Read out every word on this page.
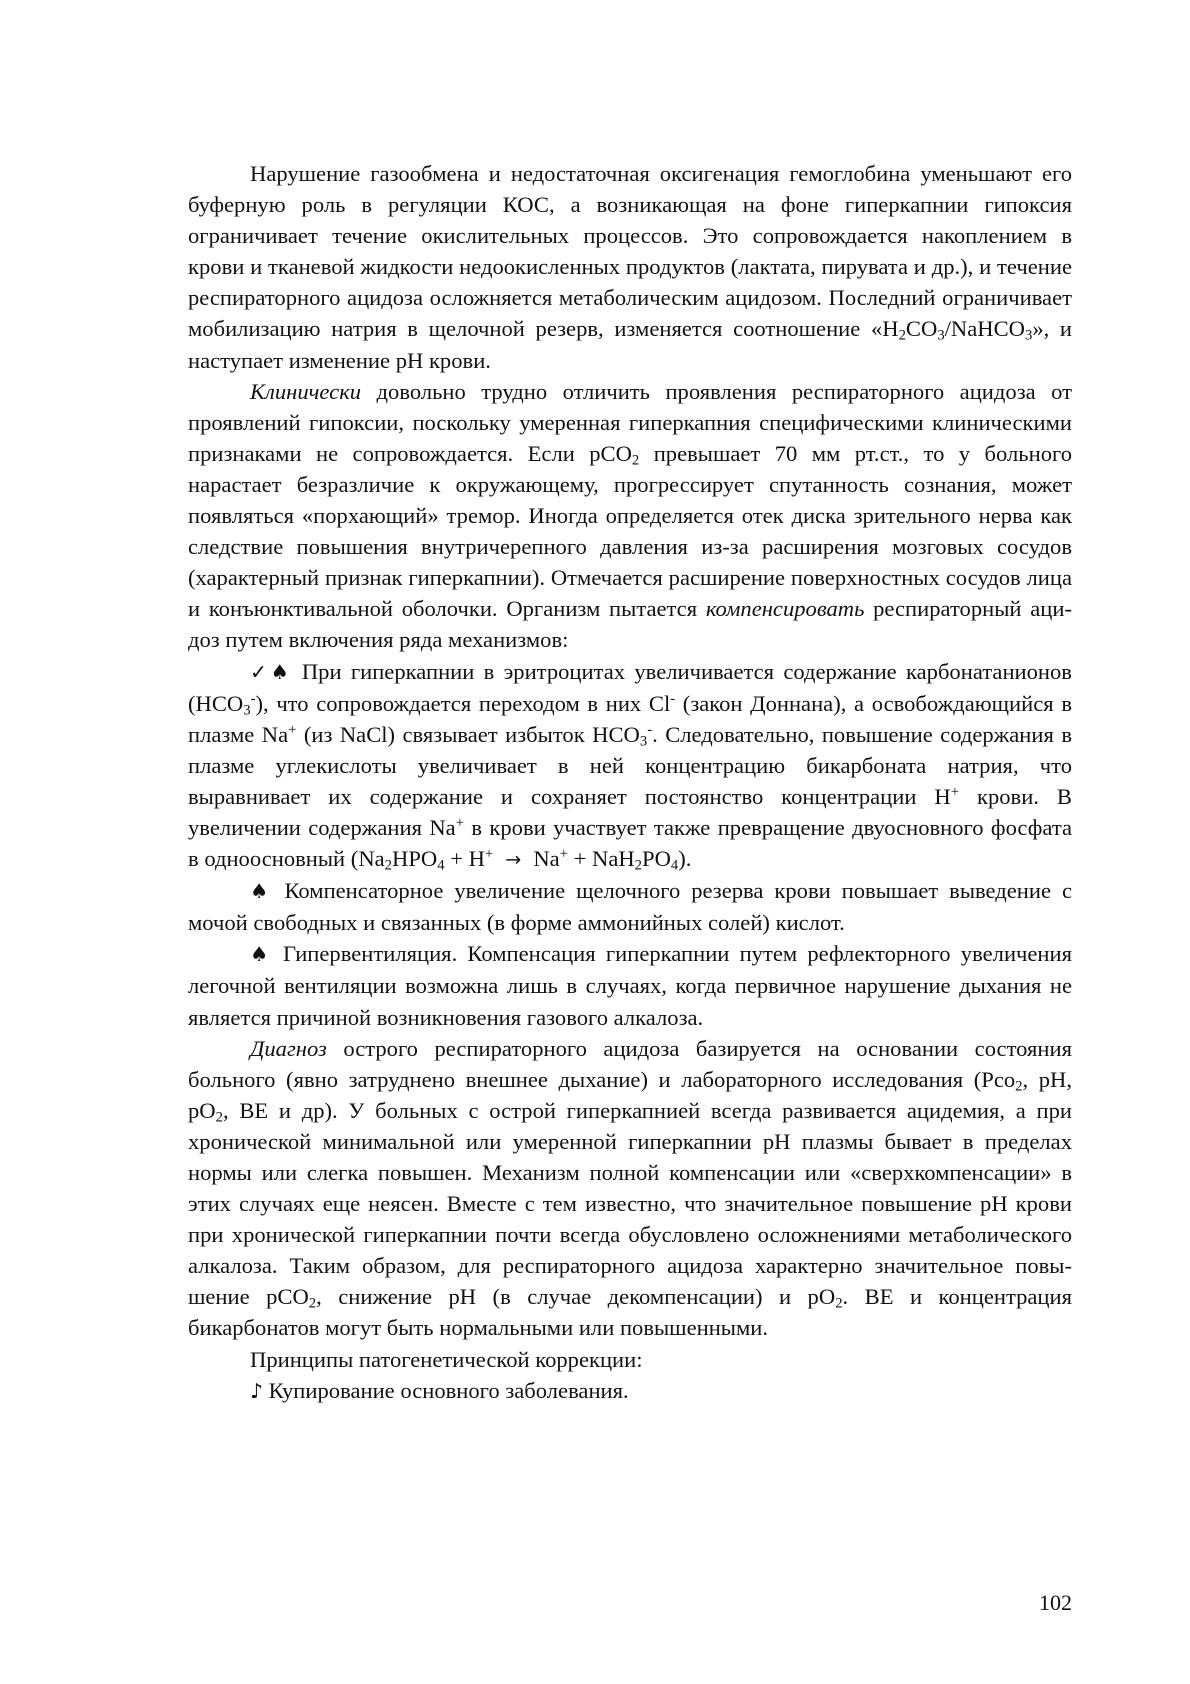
Нарушение газообмена и недостаточная оксигенация гемоглобина уменьшают его буферную роль в регуляции КОС, а возникающая на фоне гиперкапнии гипоксия ограничивает течение окислительных процессов. Это сопровождается накоплением в крови и тканевой жидкости недоокисленных продуктов (лактата, пирувата и др.), и течение респираторного ацидоза осложняется метаболическим ацидозом. Последний ограничивает мобилизацию натрия в щелочной резерв, изменяется соотношение «$H_2CO_3/NaHCO_3$», и наступает изменение pH крови.

Клинически довольно трудно отличить проявления респираторного ацидоза от проявлений гипоксии, поскольку умеренная гиперкапния специфическими клиническими признаками не сопровождается. Если pCO$_2$ превышает 70 мм рт.ст., то у больного нарастает безразличие к окружающему, прогрессирует спутанность сознания, может появляться «порхающий» тремор. Иногда определяется отек диска зрительного нерва как следствие повышения внутричерепного давления из-за расширения мозговых сосудов (характерный признак гиперкапнии). Отмечается расширение поверхностных сосудов лица и конъюнктивальной оболочки. Организм пытается компенсировать респираторный ацидоз путем включения ряда механизмов:

✓♠ При гиперкапнии в эритроцитах увеличивается содержание карбонатанионов $(HCO_3^-)$, что сопровождается переходом в них Cl- (закон Доннана), а освобождающийся в плазме Na+ (из NaCl) связывает избыток $HCO_3^-$. Следовательно, повышение содержания в плазме углекислоты увеличивает в ней концентрацию бикарбоната натрия, что выравнивает их содержание и сохраняет постоянство концентрации H+ крови. В увеличении содержания Na+ в крови участвует также превращение двуосновного фосфата в одноосновный $(Na_2HPO_4 + H^+ \to Na^+ + NaH_2PO_4)$.

♠ Компенсаторное увеличение щелочного резерва крови повышает выведение с мочой свободных и связанных (в форме аммонийных солей) кислот.

♠ Гипервентиляция. Компенсация гиперкапнии путем рефлекторного увеличения легочной вентиляции возможна лишь в случаях, когда первичное нарушение дыхания не является причиной возникновения газового алкалоза.

Диагноз острого респираторного ацидоза базируется на основании состояния больного (явно затруднено внешнее дыхание) и лабораторного исследования (Pco$_2$, pH, $pO_2$, BE и др). У больных с острой гиперкапнией всегда развивается ацидемия, а при хронической минимальной или умеренной гиперкапнии pH плазмы бывает в пределах нормы или слегка повышен. Механизм полной компенсации или «сверхкомпенсации» в этих случаях еще неясен. Вместе с тем известно, что значительное повышение pH крови при хронической гиперкапнии почти всегда обусловлено осложнениями метаболического алкалоза. Таким образом, для респираторного ацидоза характерно значительное повышение pCO$_2$, снижение pH (в случае декомпенсации) и $pO_2$. BE и концентрация бикарбонатов могут быть нормальными или повышенными.

Принципы патогенетической коррекции:

♪ Купирование основного заболевания.

102
